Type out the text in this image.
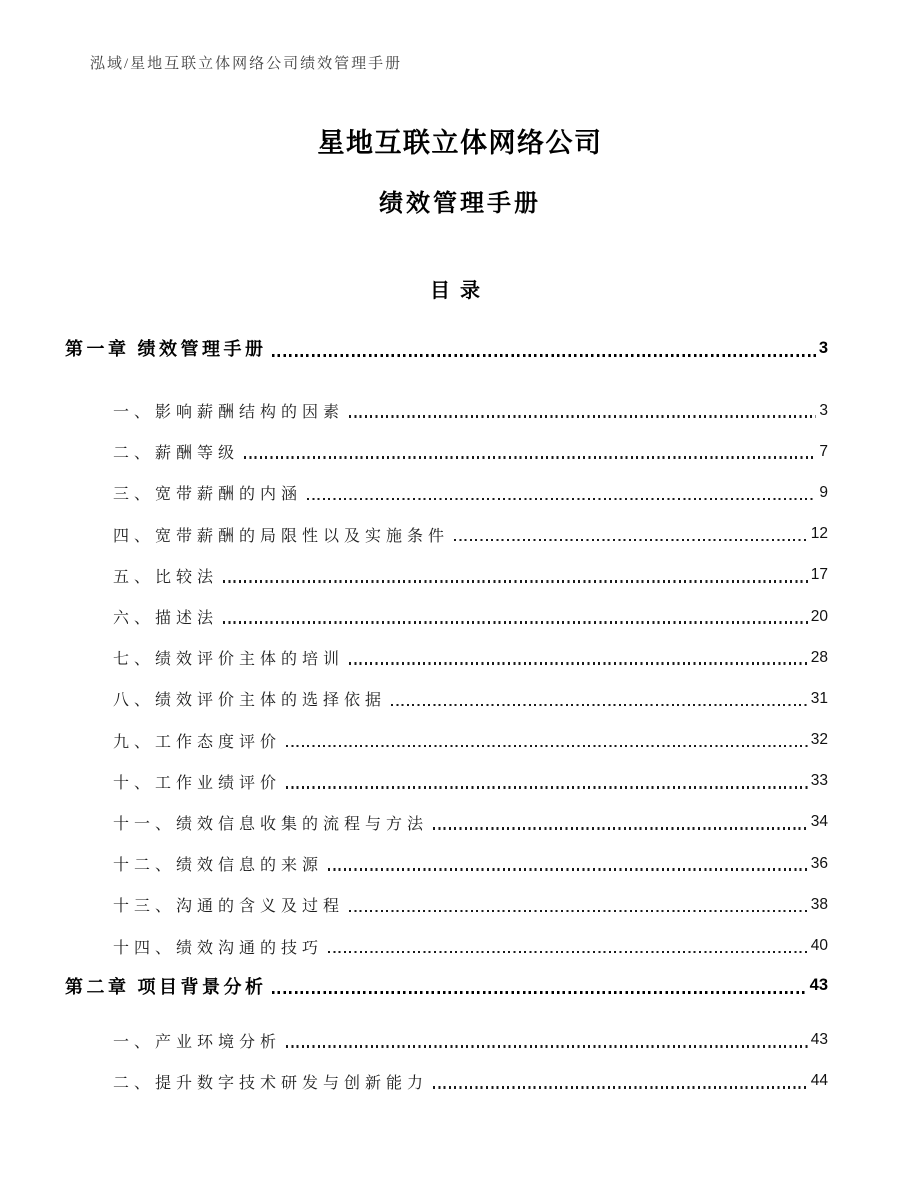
泓域/星地互联立体网络公司绩效管理手册
星地互联立体网络公司
绩效管理手册
目录
第一章 绩效管理手册	3
一、影响薪酬结构的因素	3
二、薪酬等级	7
三、宽带薪酬的内涵	9
四、宽带薪酬的局限性以及实施条件	12
五、比较法	17
六、描述法	20
七、绩效评价主体的培训	28
八、绩效评价主体的选择依据	31
九、工作态度评价	32
十、工作业绩评价	33
十一、绩效信息收集的流程与方法	34
十二、绩效信息的来源	36
十三、沟通的含义及过程	38
十四、绩效沟通的技巧	40
第二章 项目背景分析	43
一、产业环境分析	43
二、提升数字技术研发与创新能力	44
